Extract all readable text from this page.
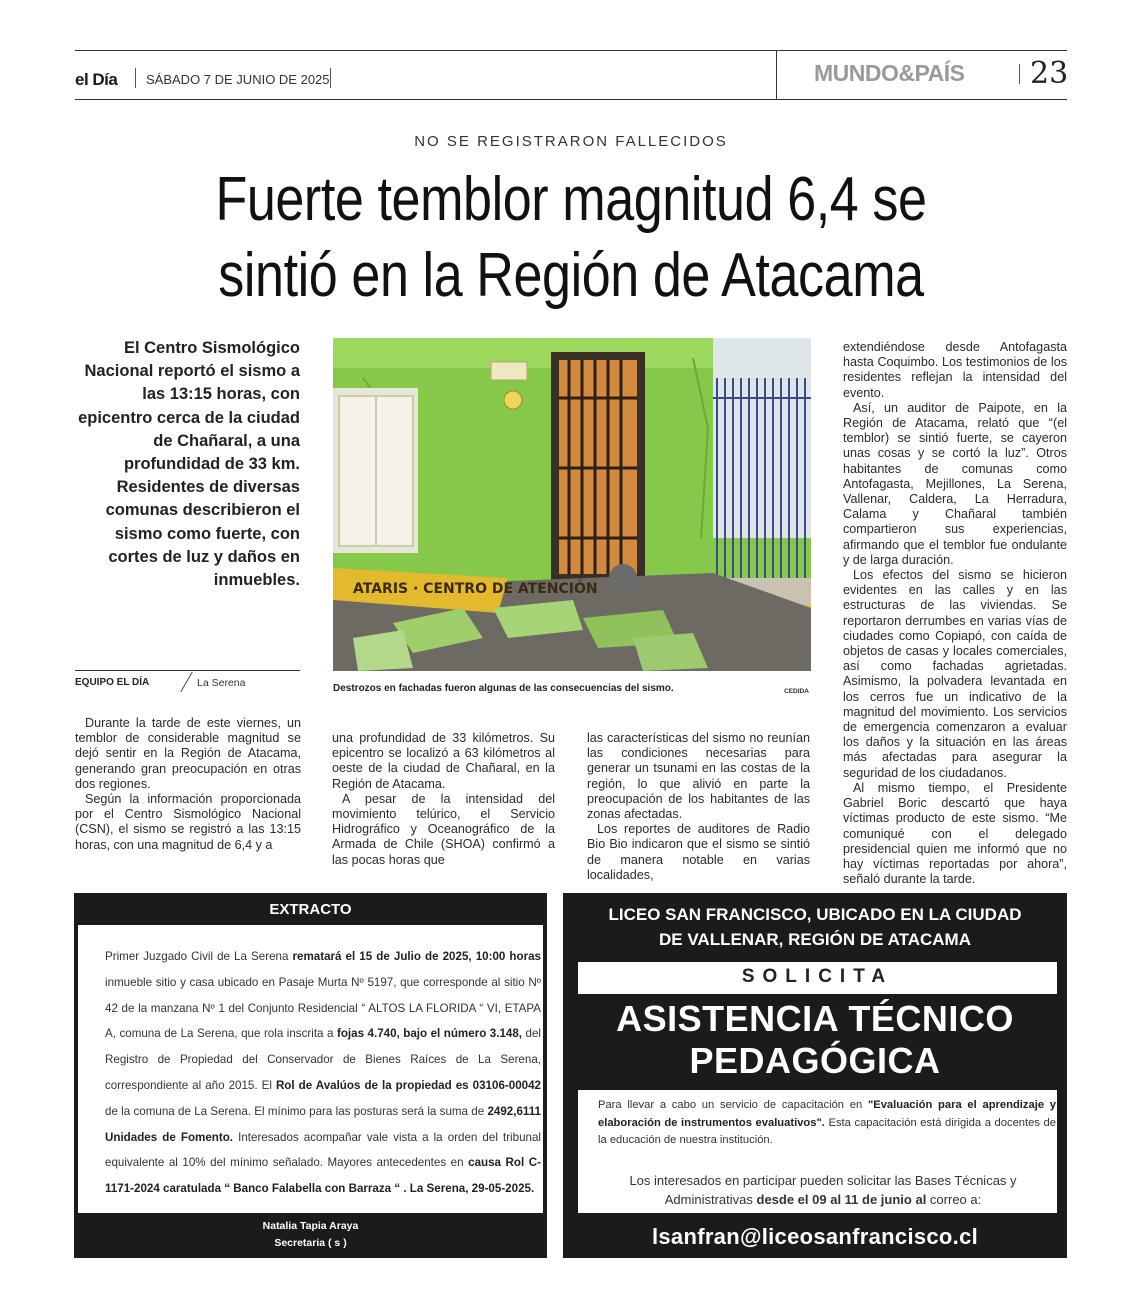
el Día SÁBADO 7 DE JUNIO DE 2025	MUNDO&PAÍS 23
NO SE REGISTRARON FALLECIDOS
Fuerte temblor magnitud 6,4 se
sintió en la Región de Atacama
El Centro Sismológico Nacional reportó el sismo a las 13:15 horas, con epicentro cerca de la ciudad de Chañaral, a una profundidad de 33 km. Residentes de diversas comunas describieron el sismo como fuerte, con cortes de luz y daños en inmuebles.
EQUIPO EL DÍA	La Serena
ATARIS · CENTRO DE ATENCIÓN
Destrozos en fachadas fueron algunas de las consecuencias del sismo.	CEDIDA

Durante la tarde de este viernes, un temblor de considerable magnitud se dejó sentir en la Región de Atacama, generando gran preocupación en otras dos regiones.

Según la información proporcionada por el Centro Sismológico Nacional (CSN), el sismo se registró a las 13:15 horas, con una magnitud de 6,4 y a

una profundidad de 33 kilómetros. Su epicentro se localizó a 63 kilómetros al oeste de la ciudad de Chañaral, en la Región de Atacama.

A pesar de la intensidad del movimiento telúrico, el Servicio Hidrográfico y Oceanográfico de la Armada de Chile (SHOA) confirmó a las pocas horas que

las características del sismo no reunían las condiciones necesarias para generar un tsunami en las costas de la región, lo que alivió en parte la preocupación de los habitantes de las zonas afectadas.

Los reportes de auditores de Radio Bio Bio indicaron que el sismo se sintió de manera notable en varias localidades,

extendiéndose desde Antofagasta hasta Coquimbo. Los testimonios de los residentes reflejan la intensidad del evento.

Así, un auditor de Paipote, en la Región de Atacama, relató que “(el temblor) se sintió fuerte, se cayeron unas cosas y se cortó la luz”. Otros habitantes de comunas como Antofagasta, Mejillones, La Serena, Vallenar, Caldera, La Herradura, Calama y Chañaral también compartieron sus experiencias, afirmando que el temblor fue ondulante y de larga duración.

Los efectos del sismo se hicieron evidentes en las calles y en las estructuras de las viviendas. Se reportaron derrumbes en varias vías de ciudades como Copiapó, con caída de objetos de casas y locales comerciales, así como fachadas agrietadas. Asimismo, la polvadera levantada en los cerros fue un indicativo de la magnitud del movimiento. Los servicios de emergencia comenzaron a evaluar los daños y la situación en las áreas más afectadas para asegurar la seguridad de los ciudadanos.

Al mismo tiempo, el Presidente Gabriel Boric descartó que haya víctimas producto de este sismo. “Me comuniqué con el delegado presidencial quien me informó que no hay víctimas reportadas por ahora”, señaló durante la tarde.

EXTRACTO
Primer Juzgado Civil de La Serena rematará el 15 de Julio de 2025, 10:00 horas inmueble sitio y casa ubicado en Pasaje Murta Nº 5197, que corresponde al sitio Nº 42 de la manzana Nº 1 del Conjunto Residencial “ ALTOS LA FLORIDA “ VI, ETAPA A, comuna de La Serena, que rola inscrita a fojas 4.740, bajo el número 3.148, del Registro de Propiedad del Conservador de Bienes Raíces de La Serena, correspondiente al año 2015. El Rol de Avalúos de la propiedad es 03106-00042 de la comuna de La Serena. El mínimo para las posturas será la suma de 2492,6111 Unidades de Fomento. Interesados acompañar vale vista a la orden del tribunal equivalente al 10% del mínimo señalado. Mayores antecedentes en causa Rol C-1171-2024 caratulada “ Banco Falabella con Barraza “ . La Serena, 29-05-2025.
Natalia Tapia Araya
Secretaria ( s )
LICEO SAN FRANCISCO, UBICADO EN LA CIUDAD
DE VALLENAR, REGIÓN DE ATACAMA
SOLICITA
ASISTENCIA TÉCNICO
PEDAGÓGICA
Para llevar a cabo un servicio de capacitación en "Evaluación para el aprendizaje y elaboración de instrumentos evaluativos". Esta capacitación está dirigida a docentes de la educación de nuestra institución.
Los interesados en participar pueden solicitar las Bases Técnicas y Administrativas desde el 09 al 11 de junio al correo a:
lsanfran@liceosanfrancisco.cl
